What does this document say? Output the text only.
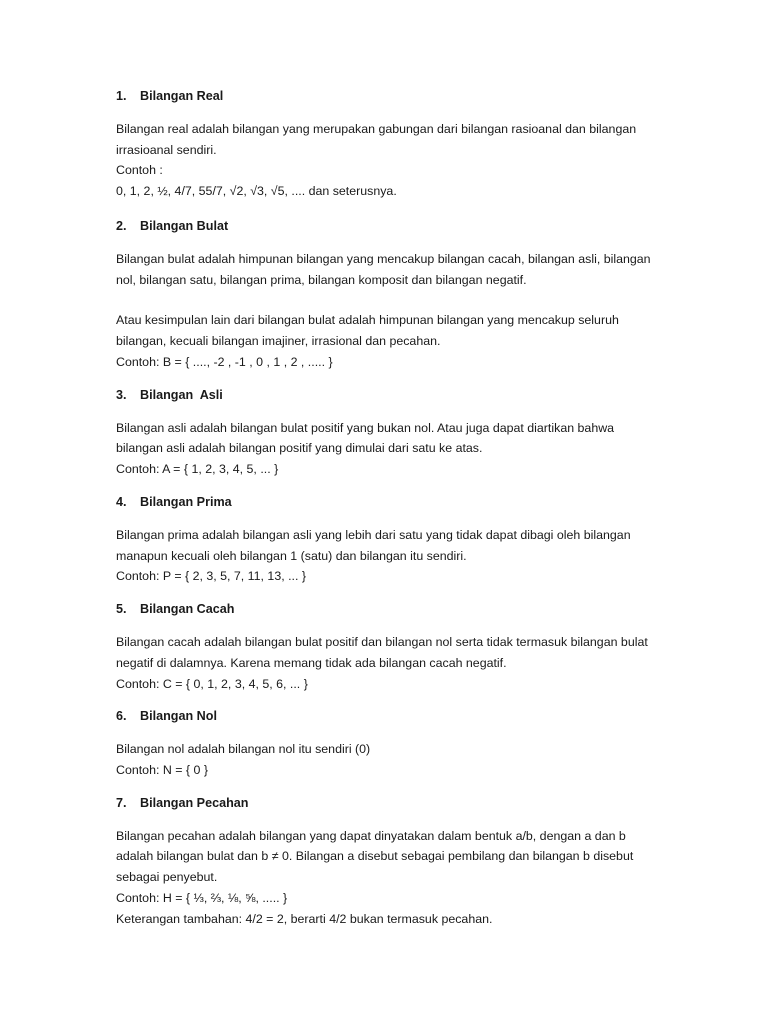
1. Bilangan Real
Bilangan real adalah bilangan yang merupakan gabungan dari bilangan rasioanal dan bilangan
irrasioanal sendiri.
Contoh :
0, 1, 2, ½, 4/7, 55/7, √2, √3, √5, .... dan seterusnya.
2. Bilangan Bulat
Bilangan bulat adalah himpunan bilangan yang mencakup bilangan cacah, bilangan asli, bilangan
nol, bilangan satu, bilangan prima, bilangan komposit dan bilangan negatif.
Atau kesimpulan lain dari bilangan bulat adalah himpunan bilangan yang mencakup seluruh
bilangan, kecuali bilangan imajiner, irrasional dan pecahan.
Contoh: B = { ...., -2 , -1 , 0 , 1 , 2 , ..... }
3. Bilangan  Asli
Bilangan asli adalah bilangan bulat positif yang bukan nol. Atau juga dapat diartikan bahwa
bilangan asli adalah bilangan positif yang dimulai dari satu ke atas.
Contoh: A = { 1, 2, 3, 4, 5, ... }
4. Bilangan Prima
Bilangan prima adalah bilangan asli yang lebih dari satu yang tidak dapat dibagi oleh bilangan
manapun kecuali oleh bilangan 1 (satu) dan bilangan itu sendiri.
Contoh: P = { 2, 3, 5, 7, 11, 13, ... }
5. Bilangan Cacah
Bilangan cacah adalah bilangan bulat positif dan bilangan nol serta tidak termasuk bilangan bulat
negatif di dalamnya. Karena memang tidak ada bilangan cacah negatif.
Contoh: C = { 0, 1, 2, 3, 4, 5, 6, ... }
6. Bilangan Nol
Bilangan nol adalah bilangan nol itu sendiri (0)
Contoh: N = { 0 }
7. Bilangan Pecahan
Bilangan pecahan adalah bilangan yang dapat dinyatakan dalam bentuk a/b, dengan a dan b
adalah bilangan bulat dan b ≠ 0. Bilangan a disebut sebagai pembilang dan bilangan b disebut
sebagai penyebut.
Contoh: H = { ⅓, ⅔, ⅛, ⅝, ..... }
Keterangan tambahan: 4/2 = 2, berarti 4/2 bukan termasuk pecahan.
